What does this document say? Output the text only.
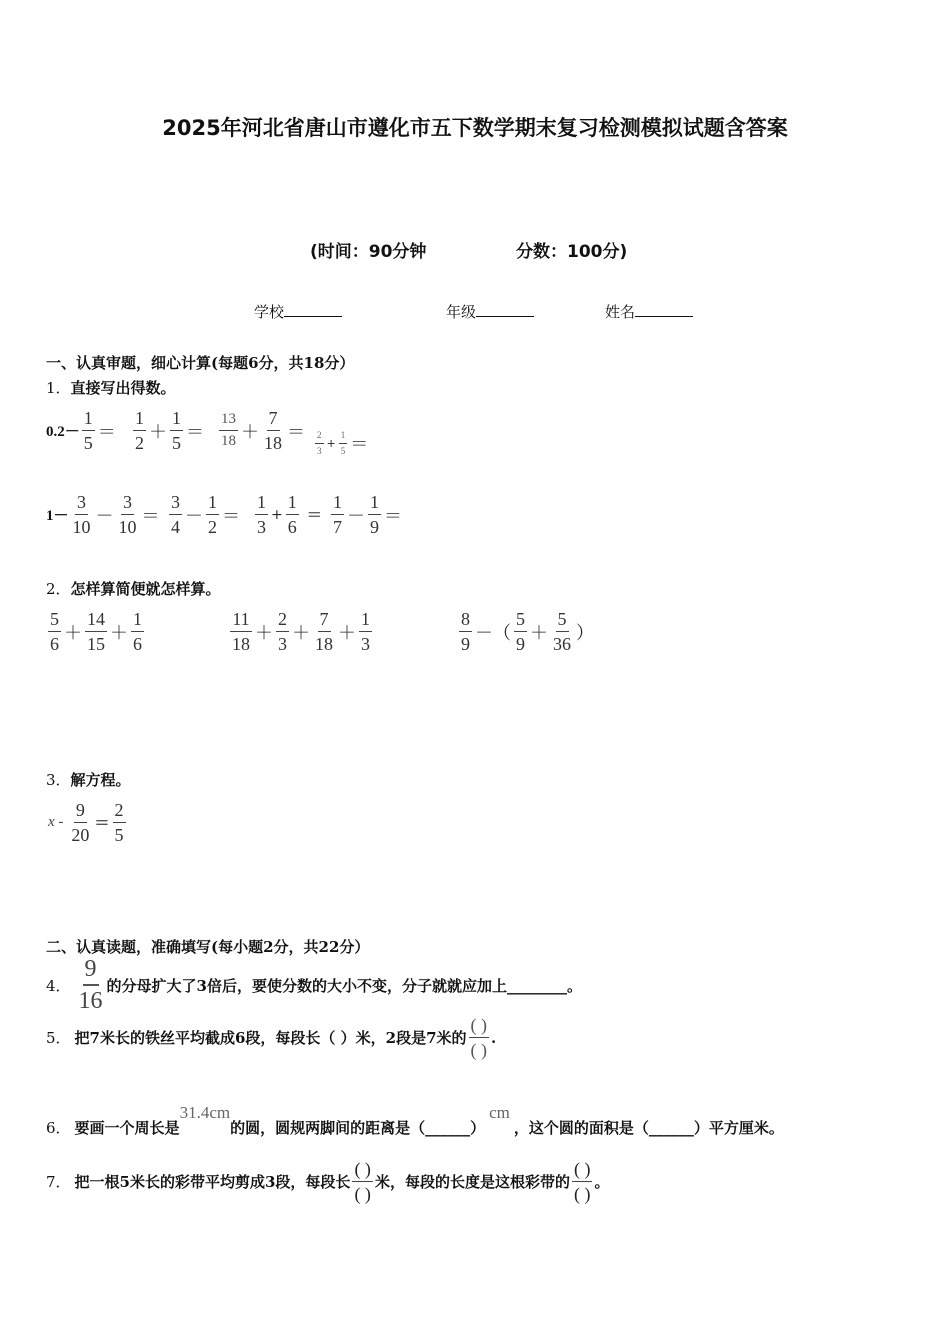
2025年河北省唐山市遵化市五下数学期末复习检测模拟试题含答案
(时间：90分钟	分数：100分)
学校	年级	姓名
一、认真审题，细心计算(每题6分，共18分）
1．直接写出得数。
$0.2- \frac{1}{5} = \frac{1}{2} + \frac{1}{5} = \frac{13}{18} + \frac{7}{18} = \frac{2}{3} + \frac{1}{5}$ ＝
$1- \frac{3}{10} - \frac{3}{10} = \frac{3}{4} - \frac{1}{2} = \frac{1}{3} + \frac{1}{6} = \frac{1}{7} - \frac{1}{9}$ ＝
2．怎样算简便就怎样算。
$\frac{5}{6} + \frac{14}{15} + \frac{1}{6}$	$\frac{11}{18} + \frac{2}{3} + \frac{7}{18} + \frac{1}{3}$	$\frac{8}{9}$ －（ $\frac{5}{9} + \frac{5}{36}$ ）
3．解方程。
$x - \frac{9}{20} = \frac{2}{5}$
二、认真读题，准确填写(每小题2分，共22分）
4． $\frac{9}{16}$ 的分母扩大了3倍后，要使分数的大小不变，分子就就应加上________。
5． 把7米长的铁丝平均截成6段，每段长（ ）米，2段是7米的 $\frac{( )}{( )}$ .
6． 要画一个周长是
31.4cm
的圆，圆规两脚间的距离是（______）
cm
，这个圆的面积是（______）平方厘米。
7． 把一根5米长的彩带平均剪成3段，每段长 $\frac{( )}{( )}$ 米，每段的长度是这根彩带的 $\frac{( )}{( )}$ 。
